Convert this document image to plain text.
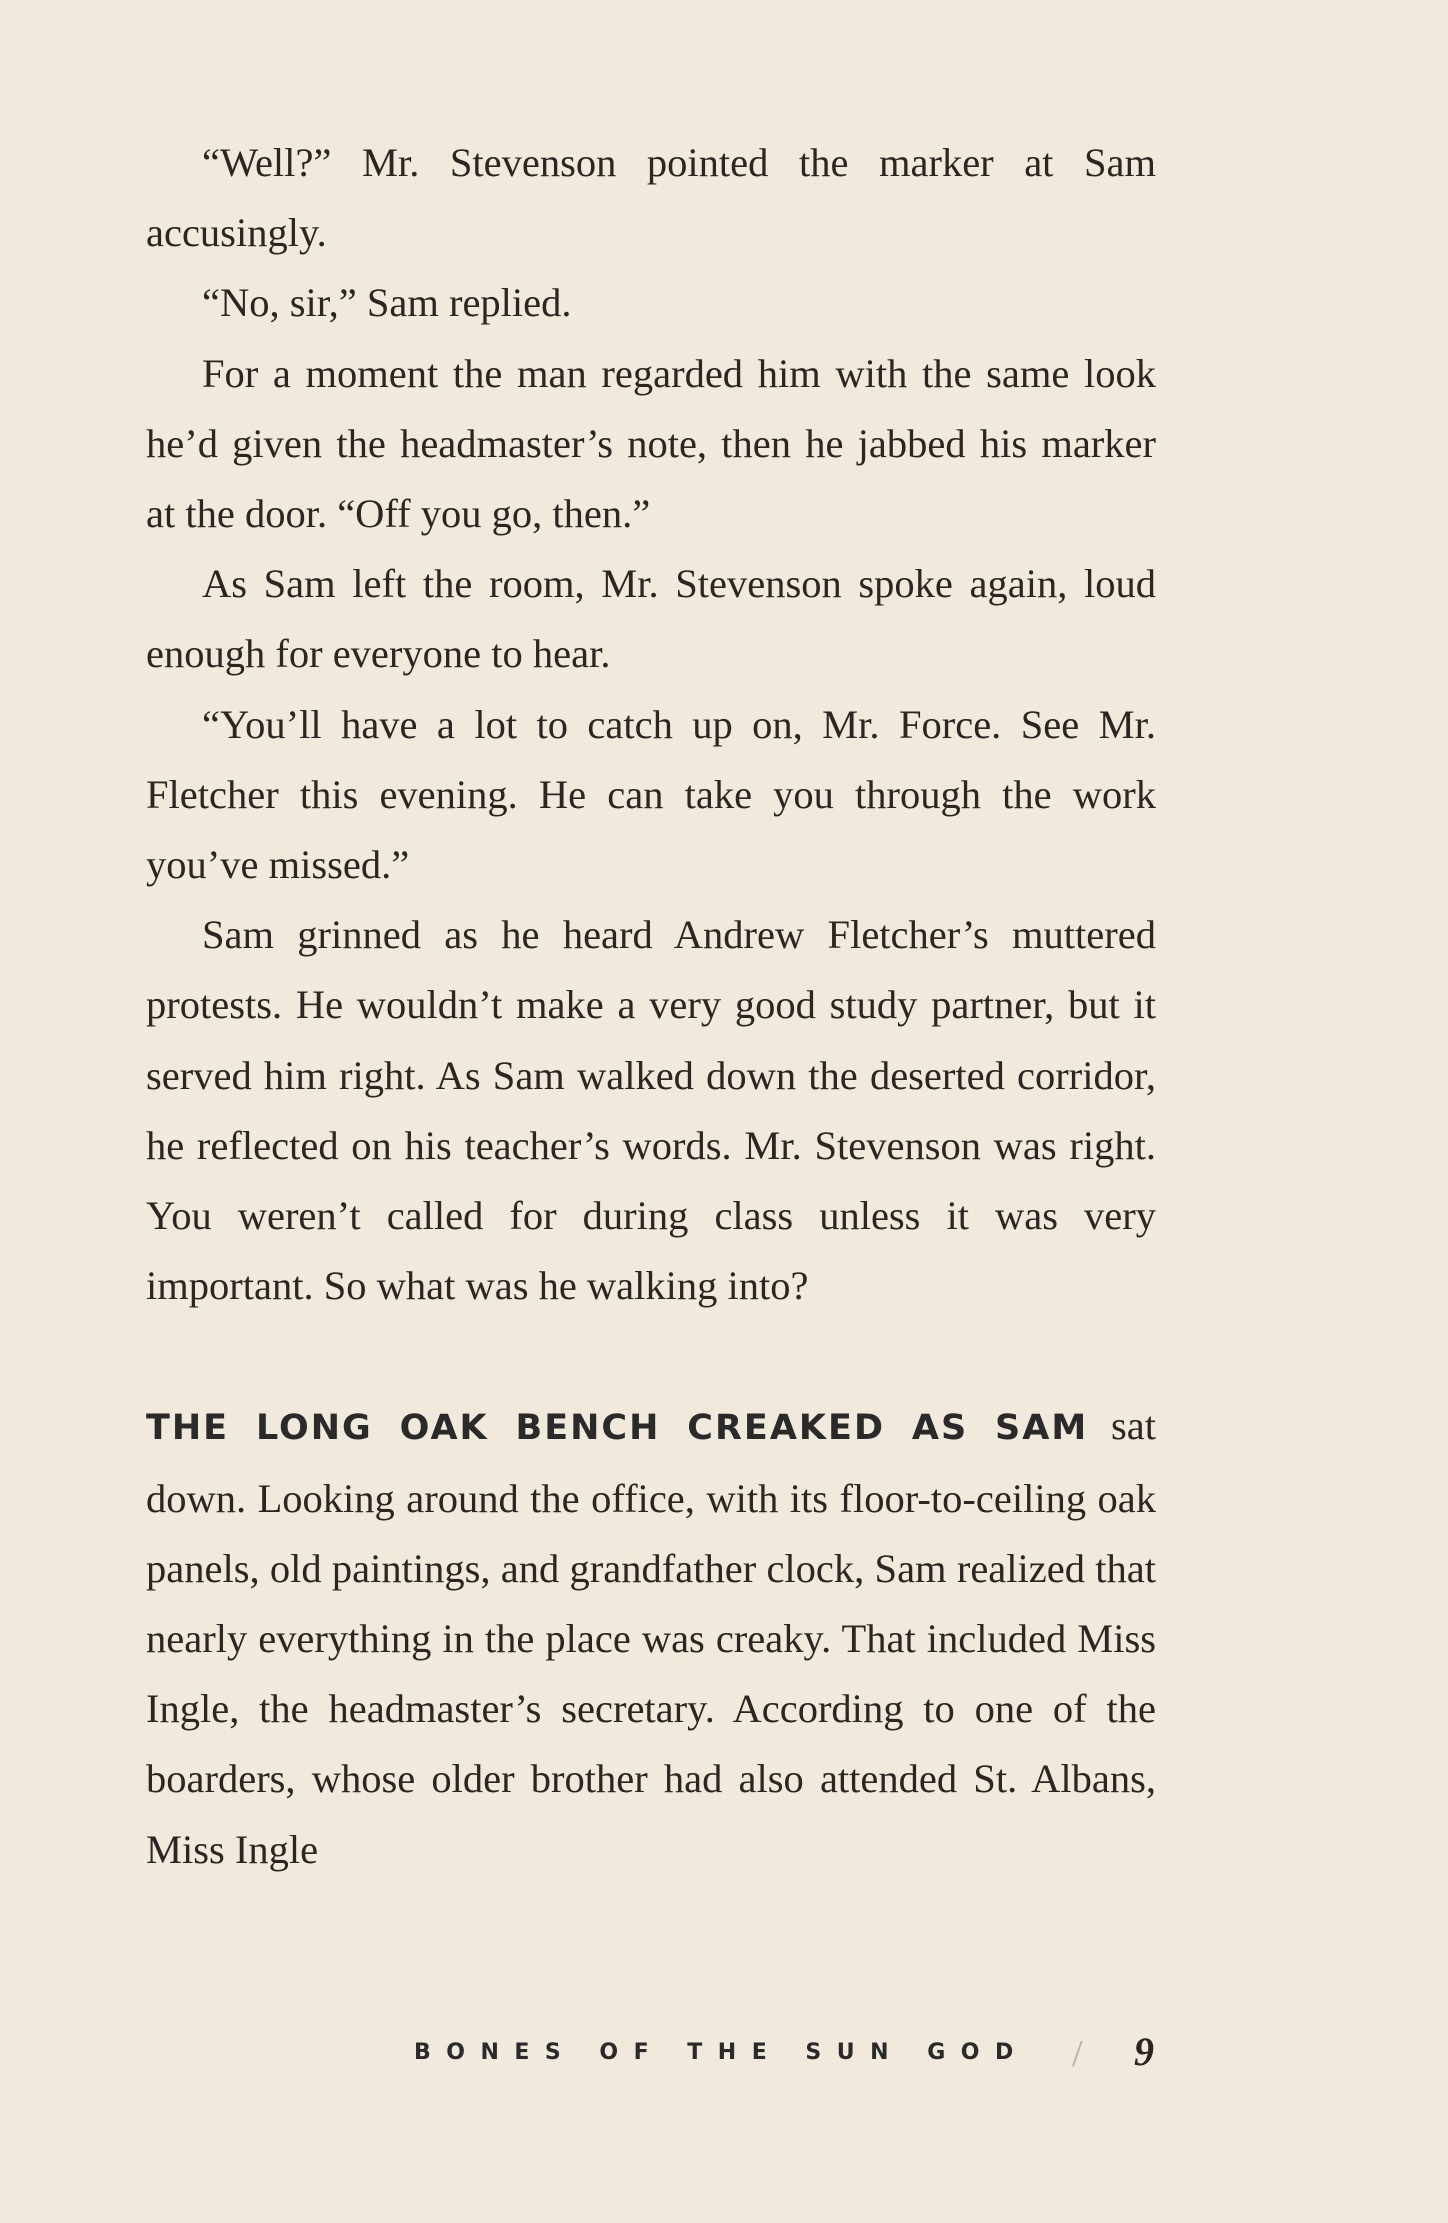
“Well?” Mr. Stevenson pointed the marker at Sam accusingly.

“No, sir,” Sam replied.

For a moment the man regarded him with the same look he’d given the headmaster’s note, then he jabbed his marker at the door. “Off you go, then.”

As Sam left the room, Mr. Stevenson spoke again, loud enough for everyone to hear.

“You’ll have a lot to catch up on, Mr. Force. See Mr. Fletcher this evening. He can take you through the work you’ve missed.”

Sam grinned as he heard Andrew Fletcher’s muttered protests. He wouldn’t make a very good study partner, but it served him right. As Sam walked down the deserted corridor, he reflected on his teacher’s words. Mr. Stevenson was right. You weren’t called for during class unless it was very important. So what was he walking into?

THE LONG OAK BENCH CREAKED AS SAM sat down. Looking around the office, with its floor-to-ceiling oak panels, old paintings, and grandfather clock, Sam realized that nearly everything in the place was creaky. That included Miss Ingle, the headmaster’s secretary. According to one of the boarders, whose older brother had also attended St. Albans, Miss Ingle

BONES OF THE SUN GOD / 9
